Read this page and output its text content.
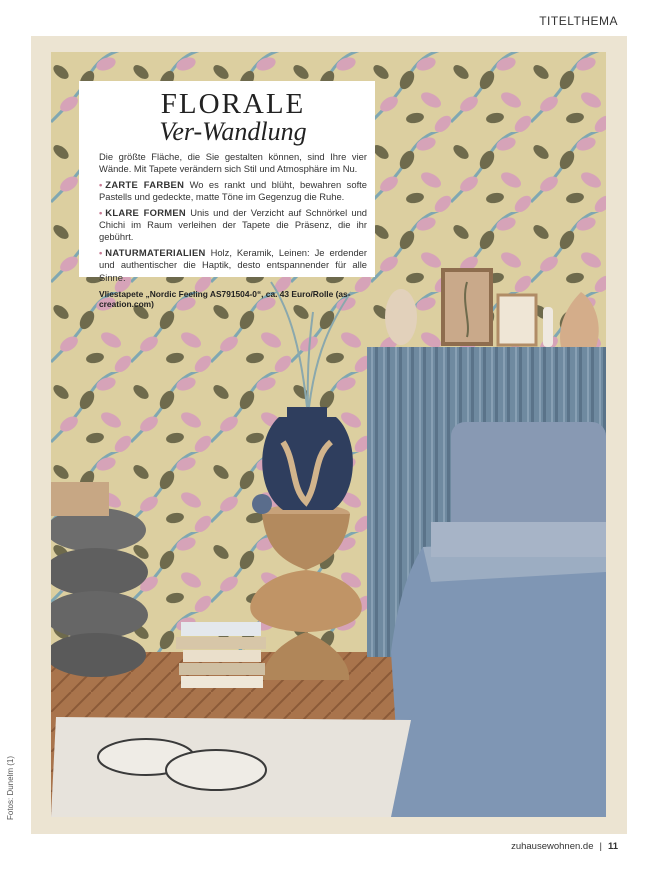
TITELTHEMA
FLORALE
Ver-Wandlung

Die größte Fläche, die Sie gestalten können, sind Ihre vier Wände. Mit Tapete verändern sich Stil und Atmosphäre im Nu.

• ZARTE FARBEN Wo es rankt und blüht, bewahren softe Pastells und gedeckte, matte Töne im Gegenzug die Ruhe.

• KLARE FORMEN Unis und der Verzicht auf Schnörkel und Chichi im Raum verleihen der Tapete die Präsenz, die ihr gebührt.

• NATURMATERIALIEN Holz, Keramik, Leinen: Je erdender und authentischer die Haptik, desto entspannender für alle Sinne.

Vliestapete „Nordic Feeling AS791504-0“, ca. 43 Euro/Rolle (as-creation.com)

Fotos: Dunelm (1)
zuhausewohnen.de | 11
